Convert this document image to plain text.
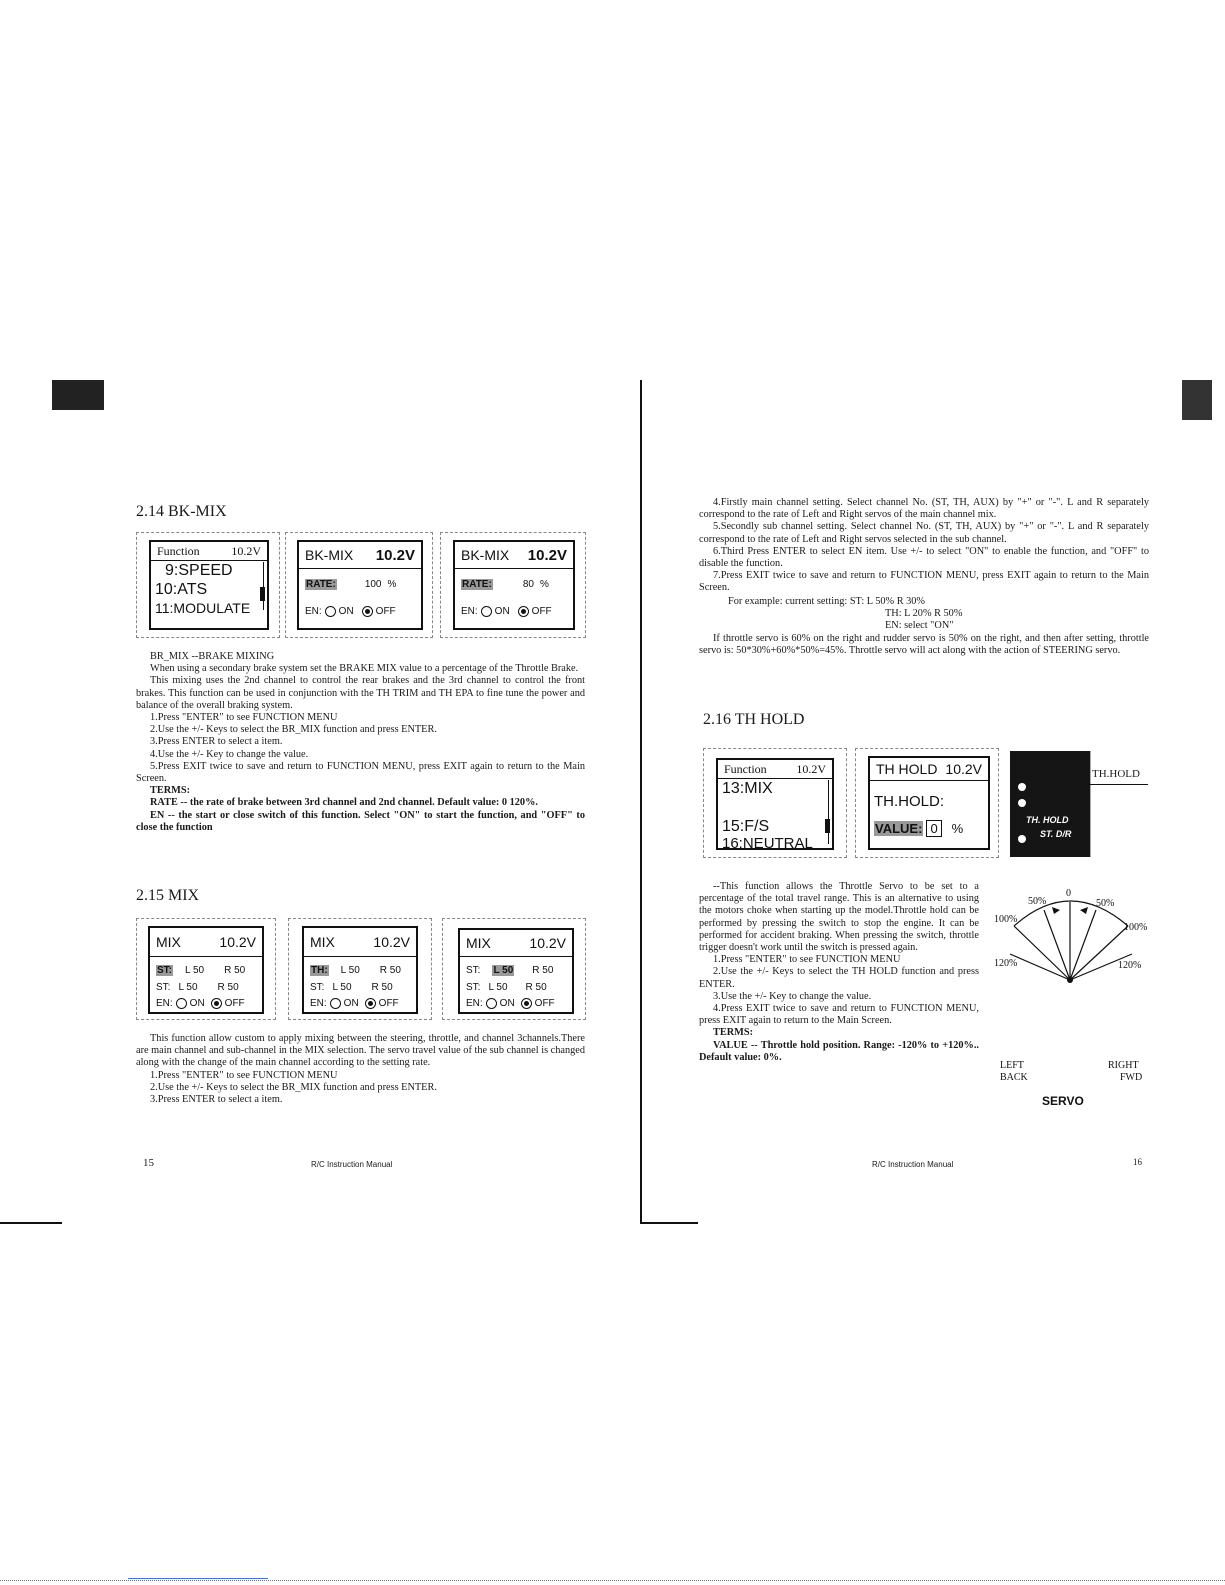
2.14 BK-MIX
Function	10.2V
9:SPEED
10:ATS
11:MODULATE
BK-MIX 10.2V
RATE:	100 %
EN: ON OFF
BK-MIX 10.2V
RATE:	80 %
EN: ON OFF

BR_MIX --BRAKE MIXING

When using a secondary brake system set the BRAKE MIX value to a percentage of the Throttle Brake.

This mixing uses the 2nd channel to control the rear brakes and the 3rd channel to control the front brakes. This function can be used in conjunction with the TH TRIM and TH EPA to fine tune the power and balance of the overall braking system.

1.Press "ENTER" to see FUNCTION MENU

2.Use the +/- Keys to select the BR_MIX function and press ENTER.

3.Press ENTER to select a item.

4.Use the +/- Key to change the value.

5.Press EXIT twice to save and return to FUNCTION MENU, press EXIT again to return to the Main Screen.

TERMS:

RATE -- the rate of brake between 3rd channel and 2nd channel. Default value: 0 120%.

EN -- the start or close switch of this function. Select "ON" to start the function, and "OFF" to close the function

2.15 MIX
MIX	10.2V
ST: L 50 R 50
ST: L 50 R 50
EN: ON OFF
MIX	10.2V
TH: L 50 R 50
ST: L 50 R 50
EN: ON OFF
MIX	10.2V
ST: L 50 R 50
ST: L 50 R 50
EN: ON OFF

This function allow custom to apply mixing between the steering, throttle, and channel 3channels.There are main channel and sub-channel in the MIX selection. The servo travel value of the sub channel is changed along with the change of the main channel according to the setting rate.

1.Press "ENTER" to see FUNCTION MENU

2.Use the +/- Keys to select the BR_MIX function and press ENTER.

3.Press ENTER to select a item.

15	R/C Instruction Manual

4.Firstly main channel setting. Select channel No. (ST, TH, AUX) by "+" or "-". L and R separately correspond to the rate of Left and Right servos of the main channel mix.

5.Secondly sub channel setting. Select channel No. (ST, TH, AUX) by "+" or "-". L and R separately correspond to the rate of Left and Right servos selected in the sub channel.

6.Third Press ENTER to select EN item. Use +/- to select "ON" to enable the function, and "OFF" to disable the function.

7.Press EXIT twice to save and return to FUNCTION MENU, press EXIT again to return to the Main Screen.

For example: current setting: ST: L 50% R 30%

TH: L 20% R 50%

EN: select "ON"

If throttle servo is 60% on the right and rudder servo is 50% on the right, and then after setting, throttle servo is: 50*30%+60%*50%=45%. Throttle servo will act along with the action of STEERING servo.

2.16 TH HOLD
Function 10.2V
13:MIX
15:F/S
16:NEUTRAL
TH HOLD 10.2V
TH.HOLD:
VALUE: 0	%
TH. HOLD
ST. D/R
TH.HOLD

--This function allows the Throttle Servo to be set to a percentage of the total travel range. This is an alternative to using the motors choke when starting up the model.Throttle hold can be performed by pressing the switch to stop the engine. It can be performed for accident braking. When pressing the switch, throttle trigger doesn't work until the switch is pressed again.

1.Press "ENTER" to see FUNCTION MENU

2.Use the +/- Keys to select the TH HOLD function and press ENTER.

3.Use the +/- Key to change the value.

4.Press EXIT twice to save and return to FUNCTION MENU, press EXIT again to return to the Main Screen.

TERMS:

VALUE -- Throttle hold position. Range: -120% to +120%.. Default value: 0%.

0
50%	50%
100%
100%
120%	120%
LEFT	RIGHT
BACK	FWD
SERVO
R/C Instruction Manual	16
